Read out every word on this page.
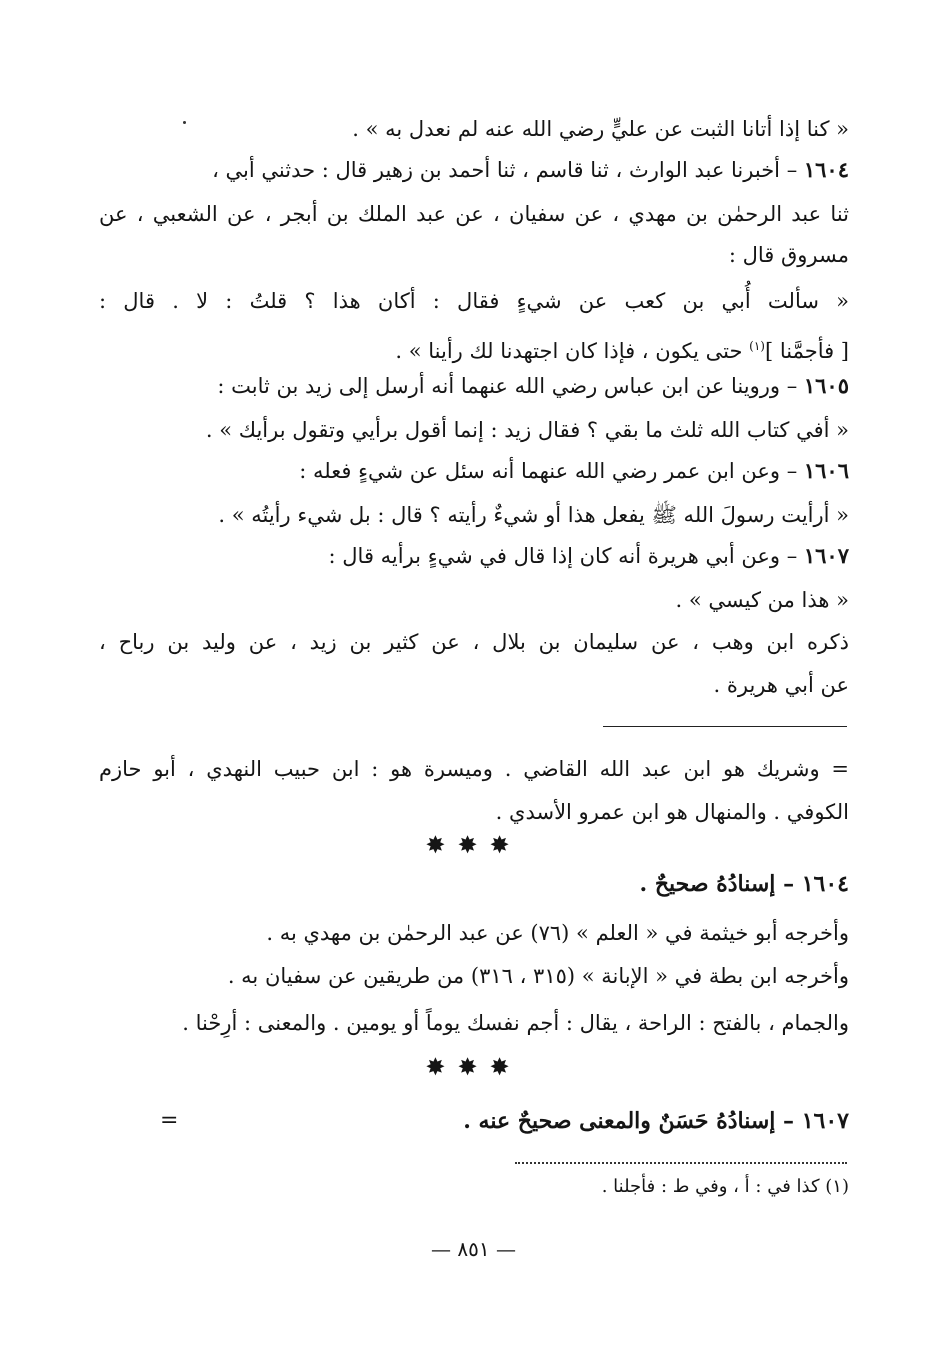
« كنا إذا أتانا الثبت عن عليٍّ رضي الله عنه لم نعدل به » .
١٦٠٤ – أخبرنا عبد الوارث ، ثنا قاسم ، ثنا أحمد بن زهير قال : حدثني أبي ،
ثنا عبد الرحمٰن بن مهدي ، عن سفيان ، عن عبد الملك بن أبجر ، عن الشعبي ، عن
مسروق قال :
« سألت أُبي بن كعب عن شيءٍ فقال : أكان هذا ؟ قلتُ : لا . قال :
[ فأجمَّنا ]$^{(١)}$ حتى يكون ، فإذا كان اجتهدنا لك رأينا » .
١٦٠٥ – وروينا عن ابن عباس رضي الله عنهما أنه أرسل إلى زيد بن ثابت :
« أفي كتاب الله ثلث ما بقي ؟ فقال زيد : إنما أقول برأيي وتقول برأيك » .
١٦٠٦ – وعن ابن عمر رضي الله عنهما أنه سئل عن شيءٍ فعله :
« أرأيت رسولَ الله ﷺ يفعل هذا أو شيءٌ رأيته ؟ قال : بل شيء رأيتُه » .
١٦٠٧ – وعن أبي هريرة أنه كان إذا قال في شيءٍ برأيه قال :
« هذا من كيسي » .
ذكره ابن وهب ، عن سليمان بن بلال ، عن كثير بن زيد ، عن وليد بن رباح ،
عن أبي هريرة .
= وشريك هو ابن عبد الله القاضي . وميسرة هو : ابن حبيب النهدي ، أبو حازم
الكوفي . والمنهال هو ابن عمرو الأسدي .
✸✸✸
١٦٠٤ – إسنادُهُ صحيحٌ .
وأخرجه أبو خيثمة في « العلم » (٧٦) عن عبد الرحمٰن بن مهدي به .
وأخرجه ابن بطة في « الإبانة » (٣١٥ ، ٣١٦) من طريقين عن سفيان به .
والجمام ، بالفتح : الراحة ، يقال : أجم نفسك يوماً أو يومين . والمعنى : أرِحْنا .
✸✸✸
١٦٠٧ – إسنادُهُ حَسَنٌ والمعنى صحيحٌ عنه .
=
(١) كذا في : أ ، وفي ط : فأجلنا .
— ٨٥١ —
